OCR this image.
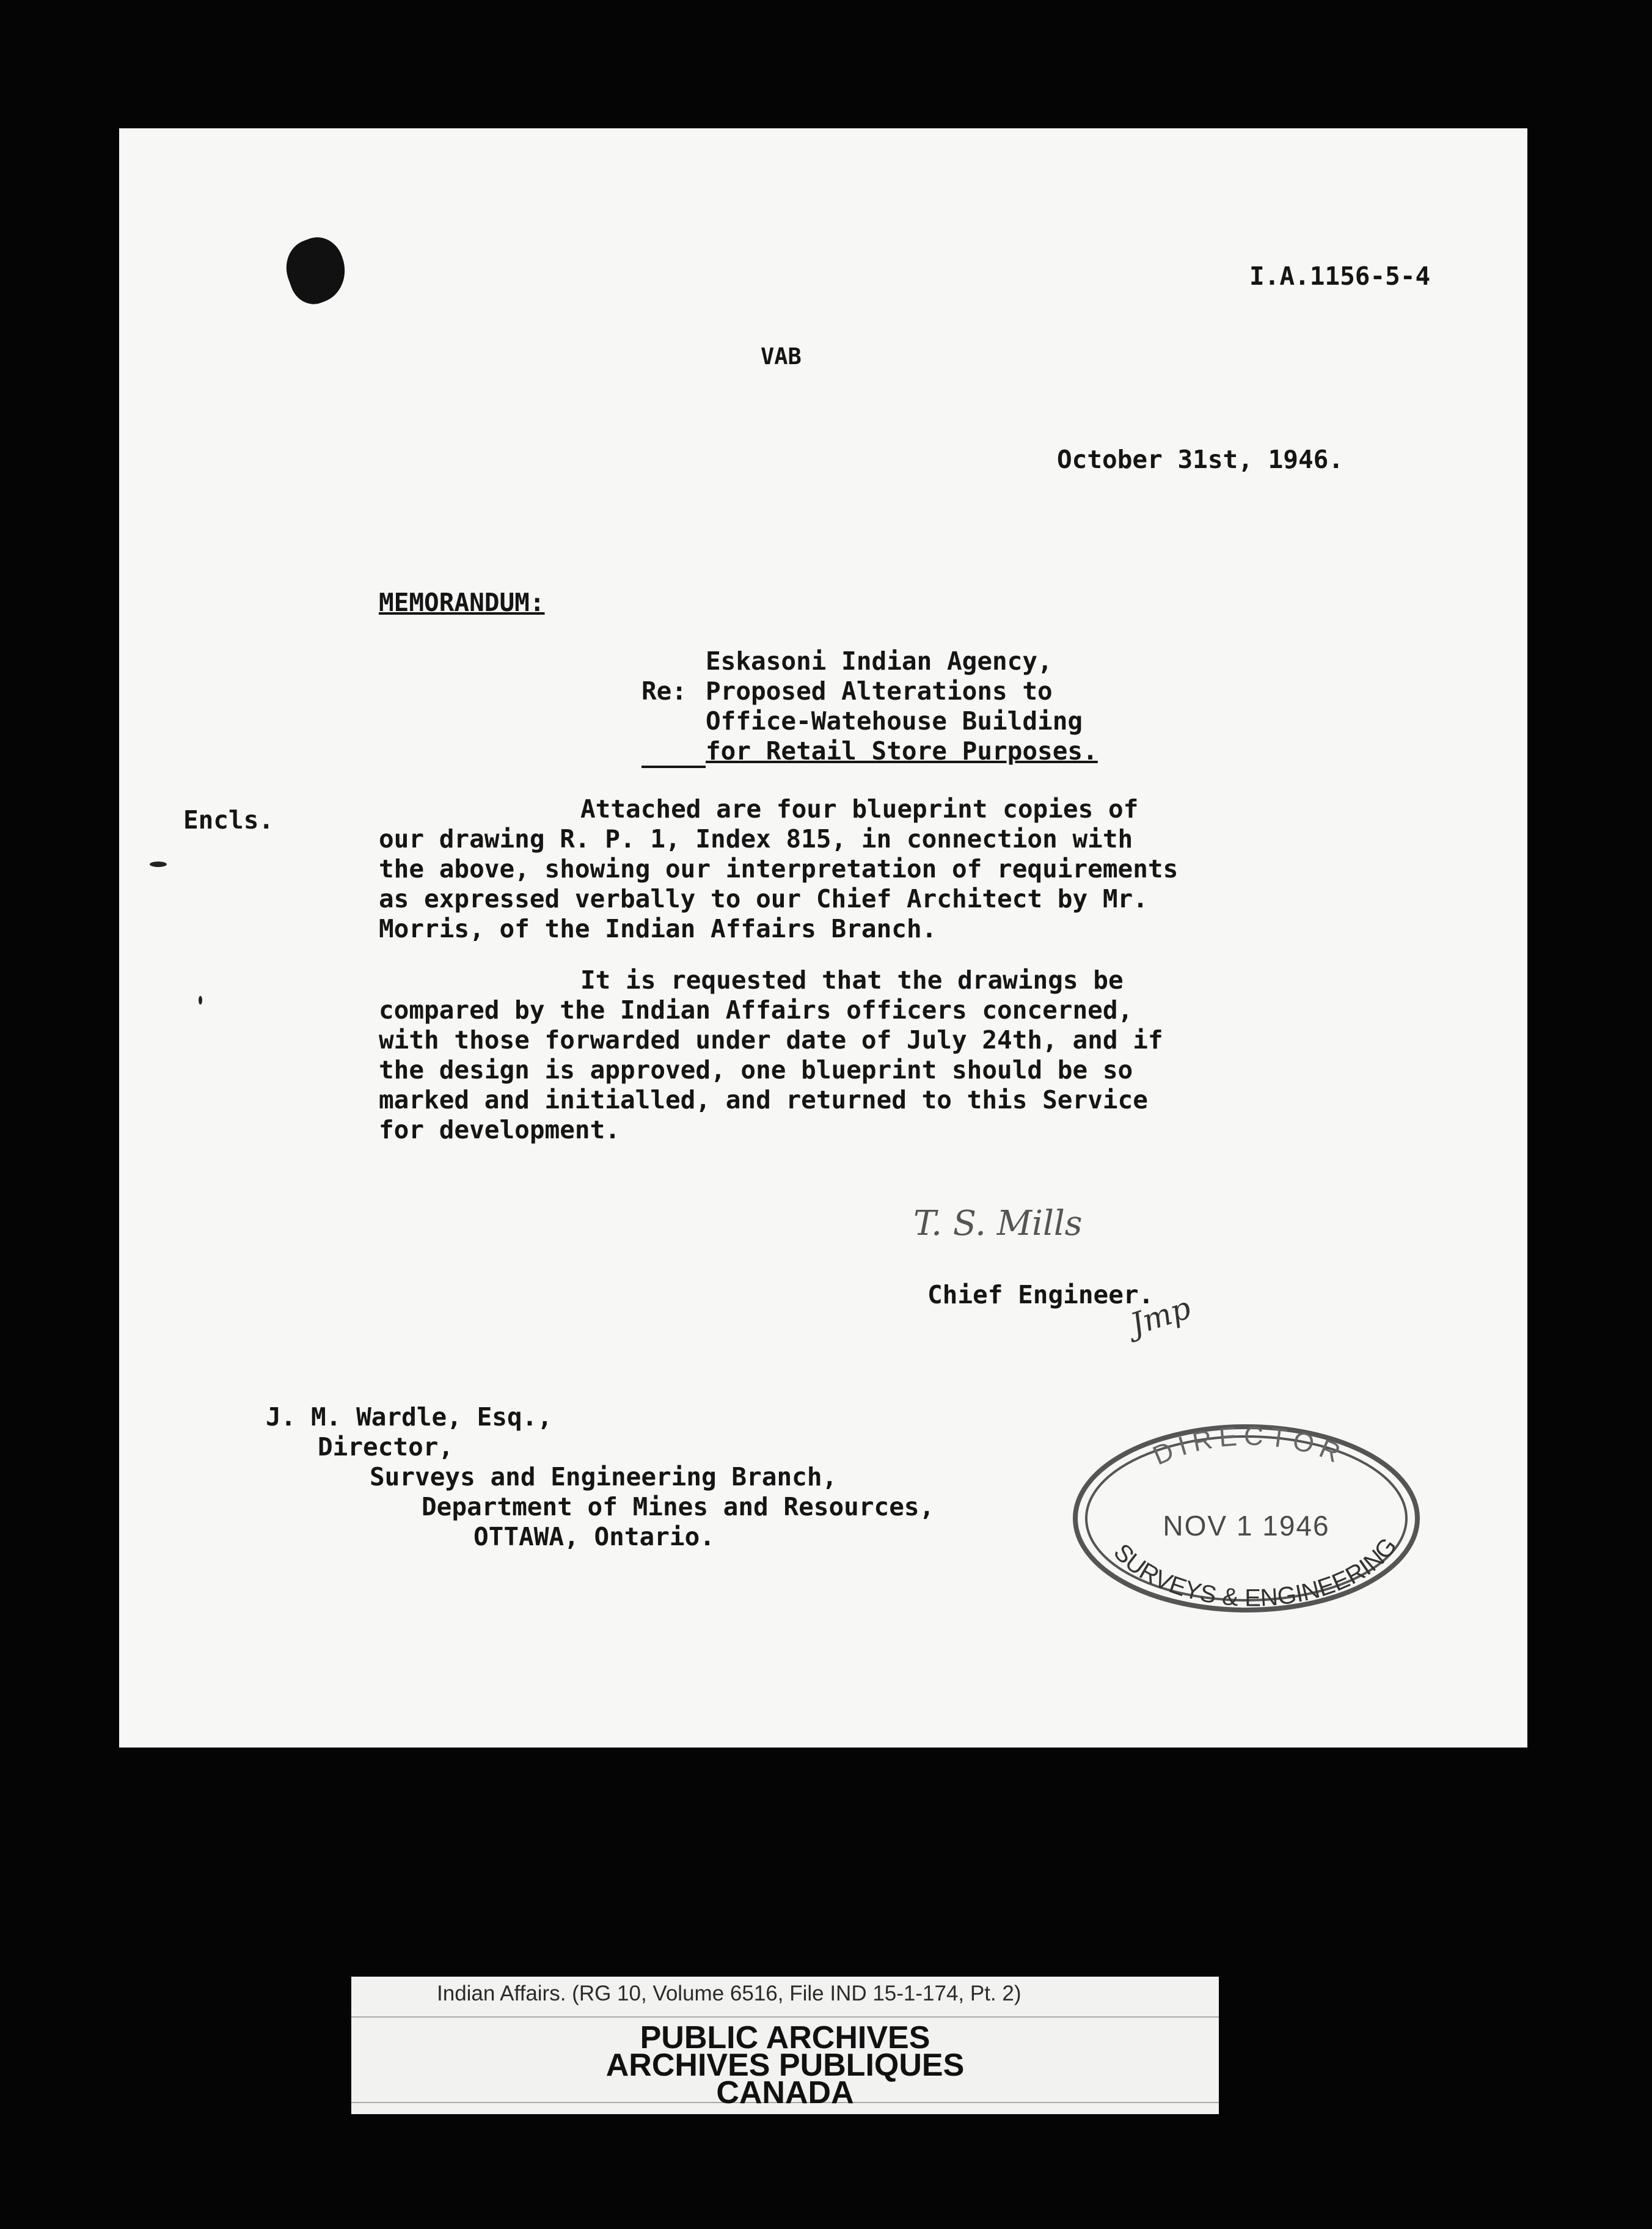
I.A.1156-5-4

VAB

October 31st, 1946.

MEMORANDUM:

Eskasoni Indian Agency,

Re: Proposed Alterations to

Office-Watehouse Building

for Retail Store Purposes.

Encls.	Attached are four blueprint copies of

our drawing R. P. 1, Index 815, in connection with

the above, showing our interpretation of requirements

as expressed verbally to our Chief Architect by Mr.

Morris, of the Indian Affairs Branch.

It is requested that the drawings be

compared by the Indian Affairs officers concerned,

with those forwarded under date of July 24th, and if

the design is approved, one blueprint should be so

marked and initialled, and returned to this Service

for development.

T. S. Mills

Chief Engineer.

Jmp

J. M. Wardle, Esq.,

Director,

Surveys and Engineering Branch,

Department of Mines and Resources,

OTTAWA, Ontario.

DIRECTOR
SURVEYS & ENGINEERING
NOV 1 1946
Indian Affairs. (RG 10, Volume 6516, File IND 15-1-174, Pt. 2)
PUBLIC ARCHIVES
ARCHIVES PUBLIQUES
CANADA
